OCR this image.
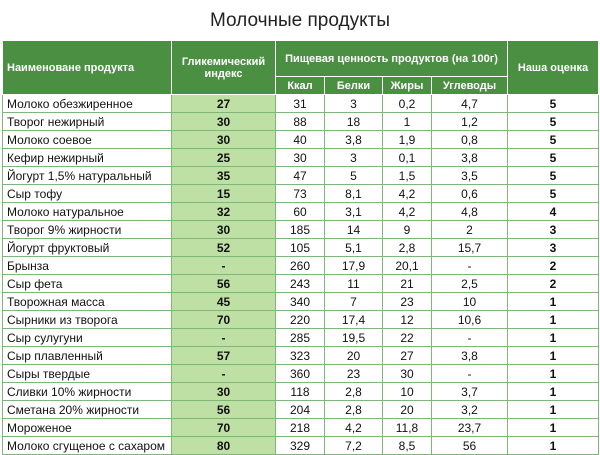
Молочные продукты
Наименоване продукта	Гликемический индекс	Пищевая ценность продуктов (на 100г)				Наша оценка
		Ккал	Белки	Жиры	Углеводы	
Молоко обезжиренное	27	31	3	0,2	4,7	5
Творог нежирный	30	88	18	1	1,2	5
Молоко соевое	30	40	3,8	1,9	0,8	5
Кефир нежирный	25	30	3	0,1	3,8	5
Йогурт 1,5% натуральный	35	47	5	1,5	3,5	5
Сыр тофу	15	73	8,1	4,2	0,6	5
Молоко натуральное	32	60	3,1	4,2	4,8	4
Творог 9% жирности	30	185	14	9	2	3
Йогурт фруктовый	52	105	5,1	2,8	15,7	3
Брынза	-	260	17,9	20,1	-	2
Сыр фета	56	243	11	21	2,5	2
Творожная масса	45	340	7	23	10	1
Сырники из творога	70	220	17,4	12	10,6	1
Сыр сулугуни	-	285	19,5	22	-	1
Сыр плавленный	57	323	20	27	3,8	1
Сыры твердые	-	360	23	30	-	1
Сливки 10% жирности	30	118	2,8	10	3,7	1
Сметана 20% жирности	56	204	2,8	20	3,2	1
Мороженое	70	218	4,2	11,8	23,7	1
Молоко сгущеное с сахаром	80	329	7,2	8,5	56	1
